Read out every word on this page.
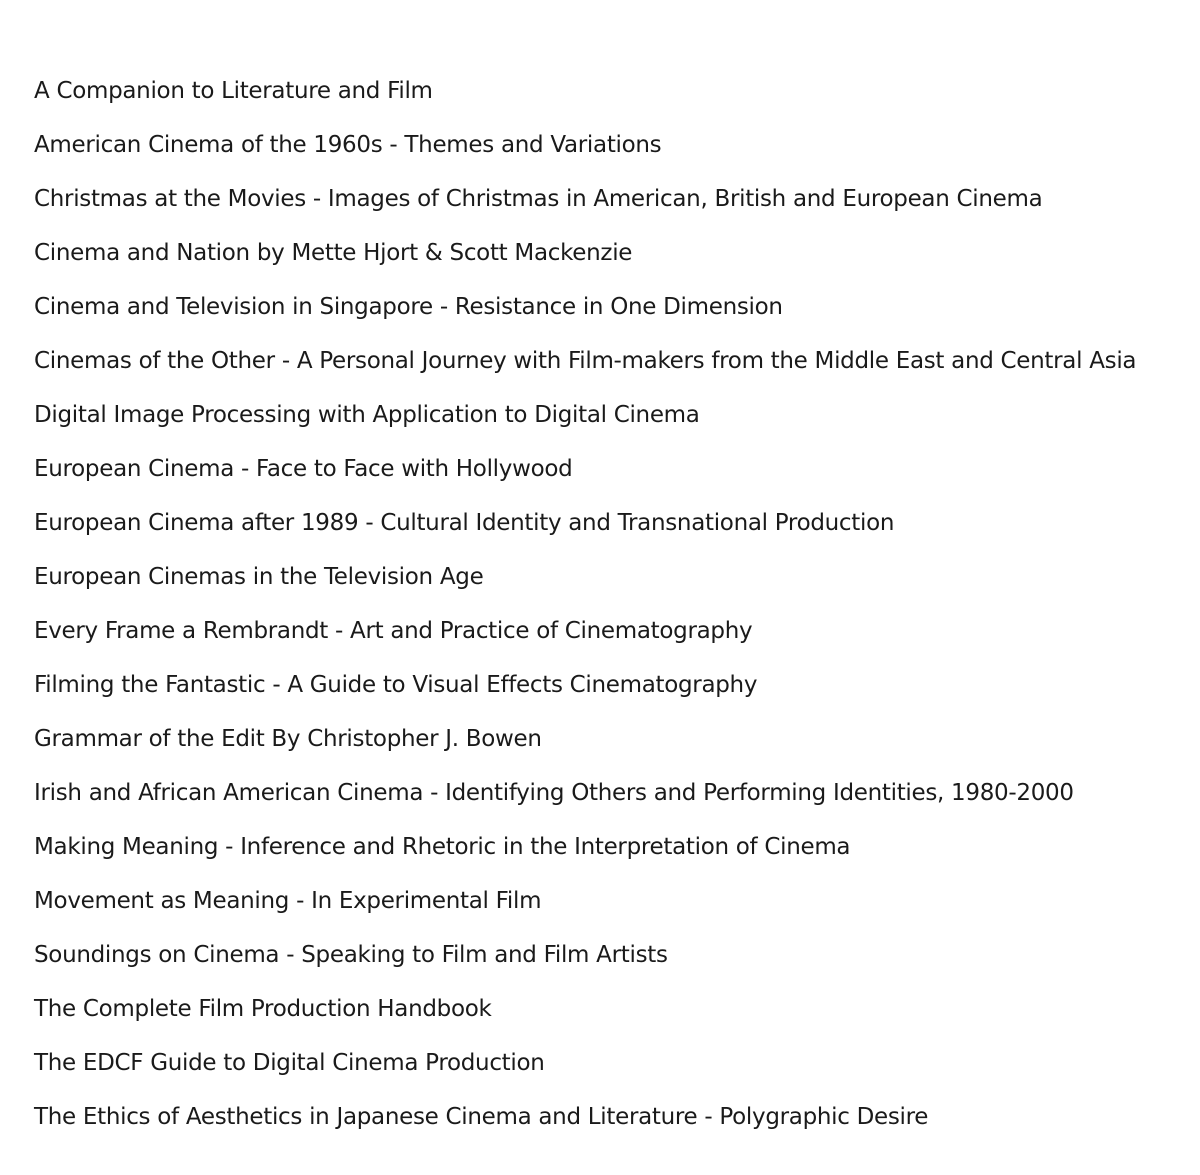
A Companion to Literature and Film
American Cinema of the 1960s - Themes and Variations
Christmas at the Movies - Images of Christmas in American, British and European Cinema
Cinema and Nation by Mette Hjort & Scott Mackenzie
Cinema and Television in Singapore - Resistance in One Dimension
Cinemas of the Other - A Personal Journey with Film-makers from the Middle East and Central Asia
Digital Image Processing with Application to Digital Cinema
European Cinema - Face to Face with Hollywood
European Cinema after 1989 - Cultural Identity and Transnational Production
European Cinemas in the Television Age
Every Frame a Rembrandt - Art and Practice of Cinematography
Filming the Fantastic - A Guide to Visual Effects Cinematography
Grammar of the Edit By Christopher J. Bowen
Irish and African American Cinema - Identifying Others and Performing Identities, 1980-2000
Making Meaning - Inference and Rhetoric in the Interpretation of Cinema
Movement as Meaning - In Experimental Film
Soundings on Cinema - Speaking to Film and Film Artists
The Complete Film Production Handbook
The EDCF Guide to Digital Cinema Production
The Ethics of Aesthetics in Japanese Cinema and Literature - Polygraphic Desire
